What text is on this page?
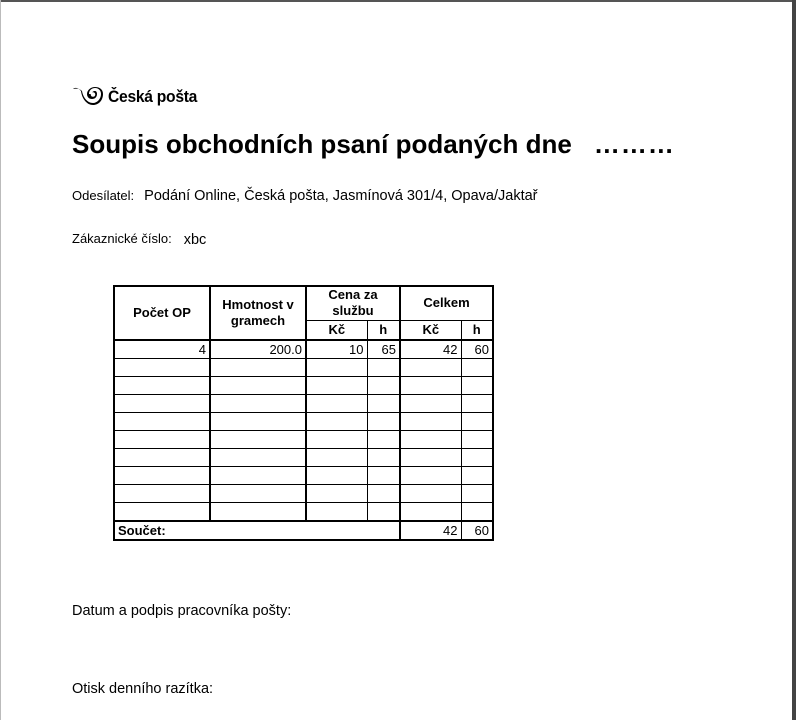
Česká pošta
Soupis obchodních psaní podaných dne ………
Odesílatel: Podání Online, Česká pošta, Jasmínová 301/4, Opava/Jaktař
Zákaznické číslo: xbc
Počet OP	Hmotnost v gramech	Cena za službu		Celkem	
		Kč	h	Kč	h
4	200.0	10	65	42	60

Součet:				42	60
Datum a podpis pracovníka pošty:
Otisk denního razítka:
